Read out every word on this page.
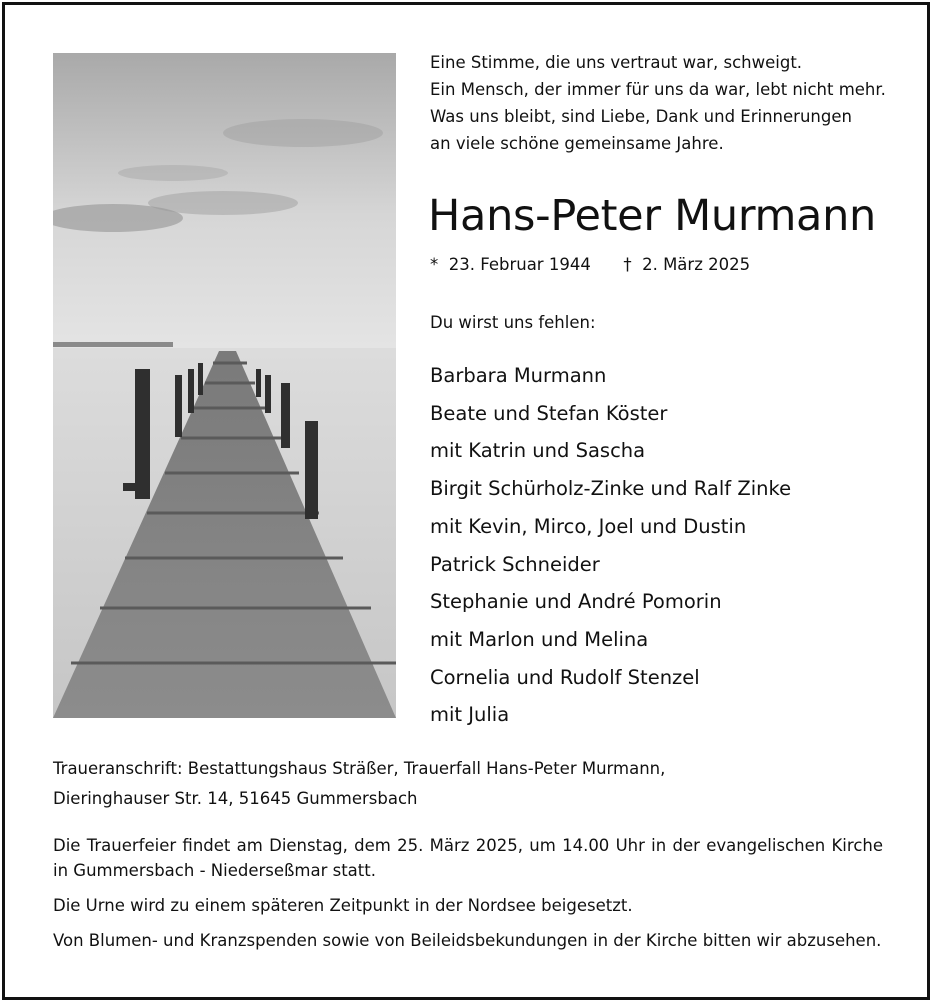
Eine Stimme, die uns vertraut war, schweigt.
Ein Mensch, der immer für uns da war, lebt nicht mehr.
Was uns bleibt, sind Liebe, Dank und Erinnerungen
an viele schöne gemeinsame Jahre.
Hans-Peter Murmann
* 23. Februar 1944 † 2. März 2025
Du wirst uns fehlen:
Barbara Murmann
Beate und Stefan Köster
mit Katrin und Sascha
Birgit Schürholz-Zinke und Ralf Zinke
mit Kevin, Mirco, Joel und Dustin
Patrick Schneider
Stephanie und André Pomorin
mit Marlon und Melina
Cornelia und Rudolf Stenzel
mit Julia
Traueranschrift: Bestattungshaus Sträßer, Trauerfall Hans-Peter Murmann,
Dieringhauser Str. 14, 51645 Gummersbach

Die Trauerfeier findet am Dienstag, dem 25. März 2025, um 14.00 Uhr in der evangelischen Kirche in Gummersbach - Niederseßmar statt.

Die Urne wird zu einem späteren Zeitpunkt in der Nordsee beigesetzt.

Von Blumen- und Kranzspenden sowie von Beileidsbekundungen in der Kirche bitten wir abzusehen.
